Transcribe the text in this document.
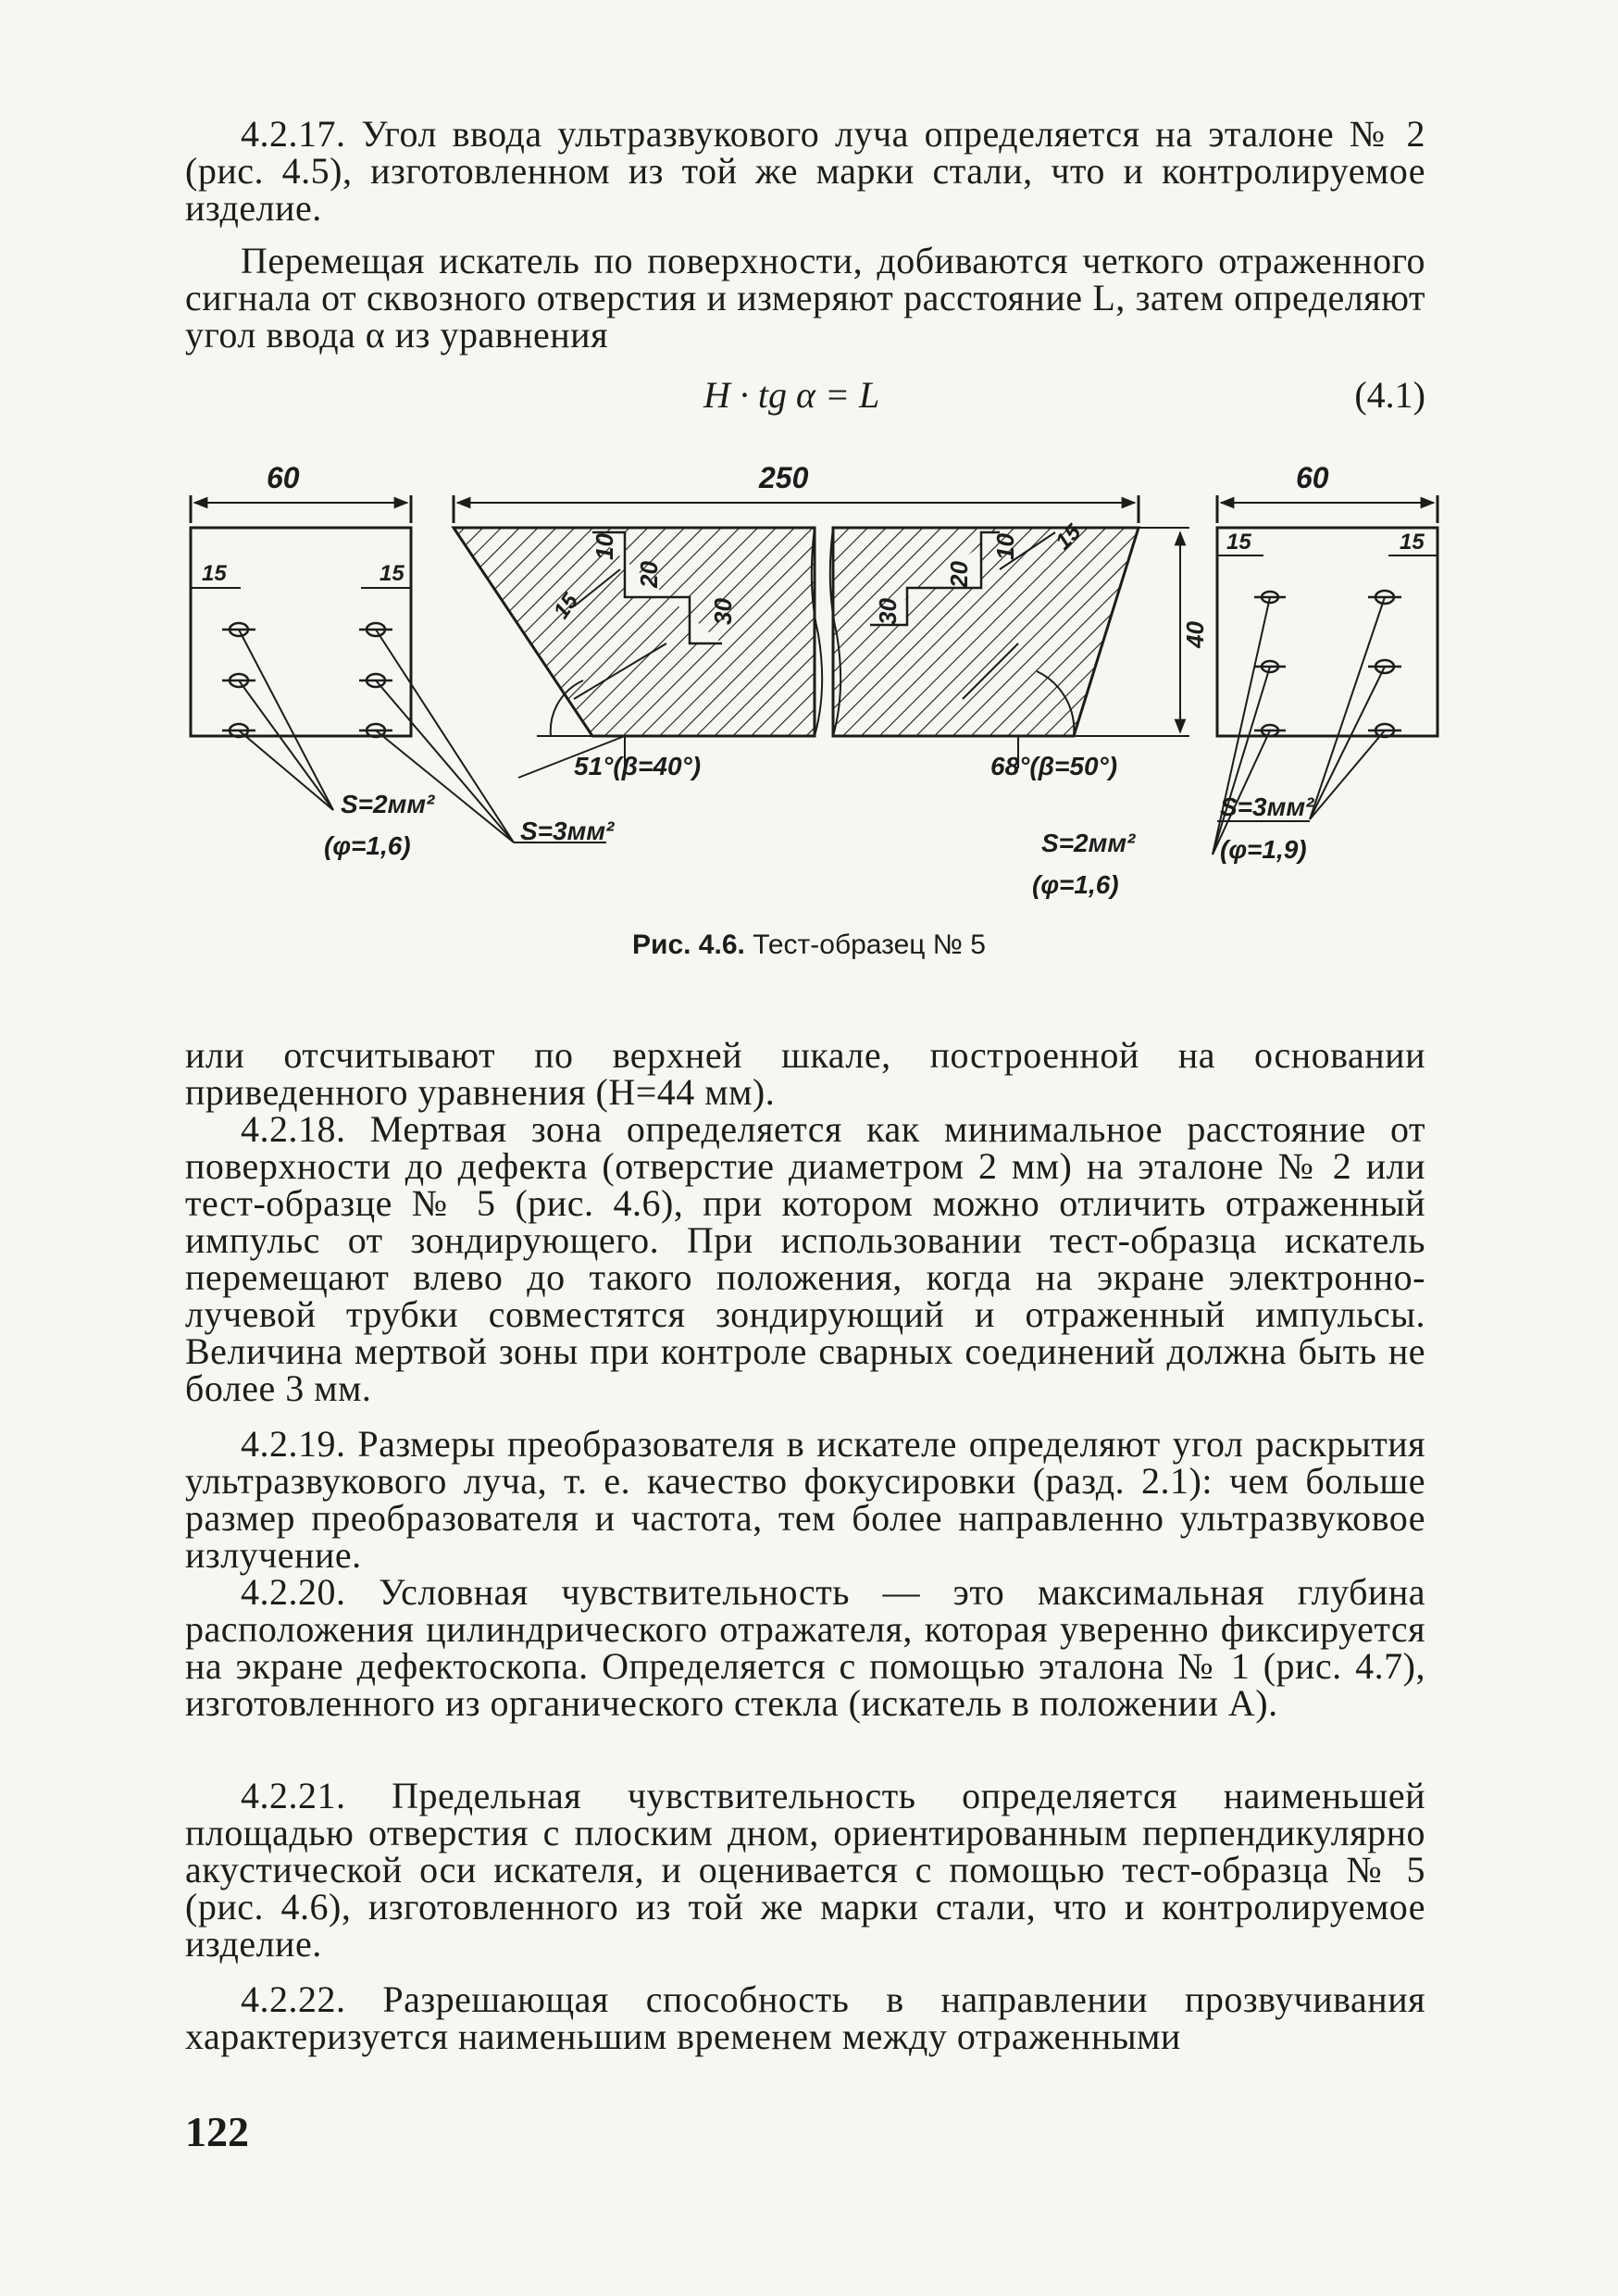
4.2.17. Угол ввода ультразвукового луча определяется на эталоне № 2 (рис. 4.5), изготовленном из той же марки стали, что и контролируемое изделие.
Перемещая искатель по поверхности, добиваются четкого отраженного сигнала от сквозного отверстия и измеряют расстояние L, затем определяют угол ввода α из уравнения
H · tg α = L	(4.1)
60	250	60
15	15
15	15
10
20
30
15
10
20
30
15
40
51°(β=40°)	68°(β=50°)
S=2мм²
(φ=1,6)
S=3мм²	S=2мм²
(φ=1,6)
S=3мм²
(φ=1,9)
Рис. 4.6. Тест-образец № 5
или отсчитывают по верхней шкале, построенной на основании приведенного уравнения (H=44 мм).
4.2.18. Мертвая зона определяется как минимальное расстояние от поверхности до дефекта (отверстие диаметром 2 мм) на эталоне № 2 или тест-образце № 5 (рис. 4.6), при котором можно отличить отраженный импульс от зондирующего. При использовании тест-образца искатель перемещают влево до такого положения, когда на экране электронно-лучевой трубки совместятся зондирующий и отраженный импульсы. Величина мертвой зоны при контроле сварных соединений должна быть не более 3 мм.
4.2.19. Размеры преобразователя в искателе определяют угол раскрытия ультразвукового луча, т. е. качество фокусировки (разд. 2.1): чем больше размер преобразователя и частота, тем более направленно ультразвуковое излучение.
4.2.20. Условная чувствительность — это максимальная глубина расположения цилиндрического отражателя, которая уверенно фиксируется на экране дефектоскопа. Определяется с помощью эталона № 1 (рис. 4.7), изготовленного из органического стекла (искатель в положении A).
4.2.21. Предельная чувствительность определяется наименьшей площадью отверстия с плоским дном, ориентированным перпендикулярно акустической оси искателя, и оценивается с помощью тест-образца № 5 (рис. 4.6), изготовленного из той же марки стали, что и контролируемое изделие.
4.2.22. Разрешающая способность в направлении прозвучивания характеризуется наименьшим временем между отраженными
122
